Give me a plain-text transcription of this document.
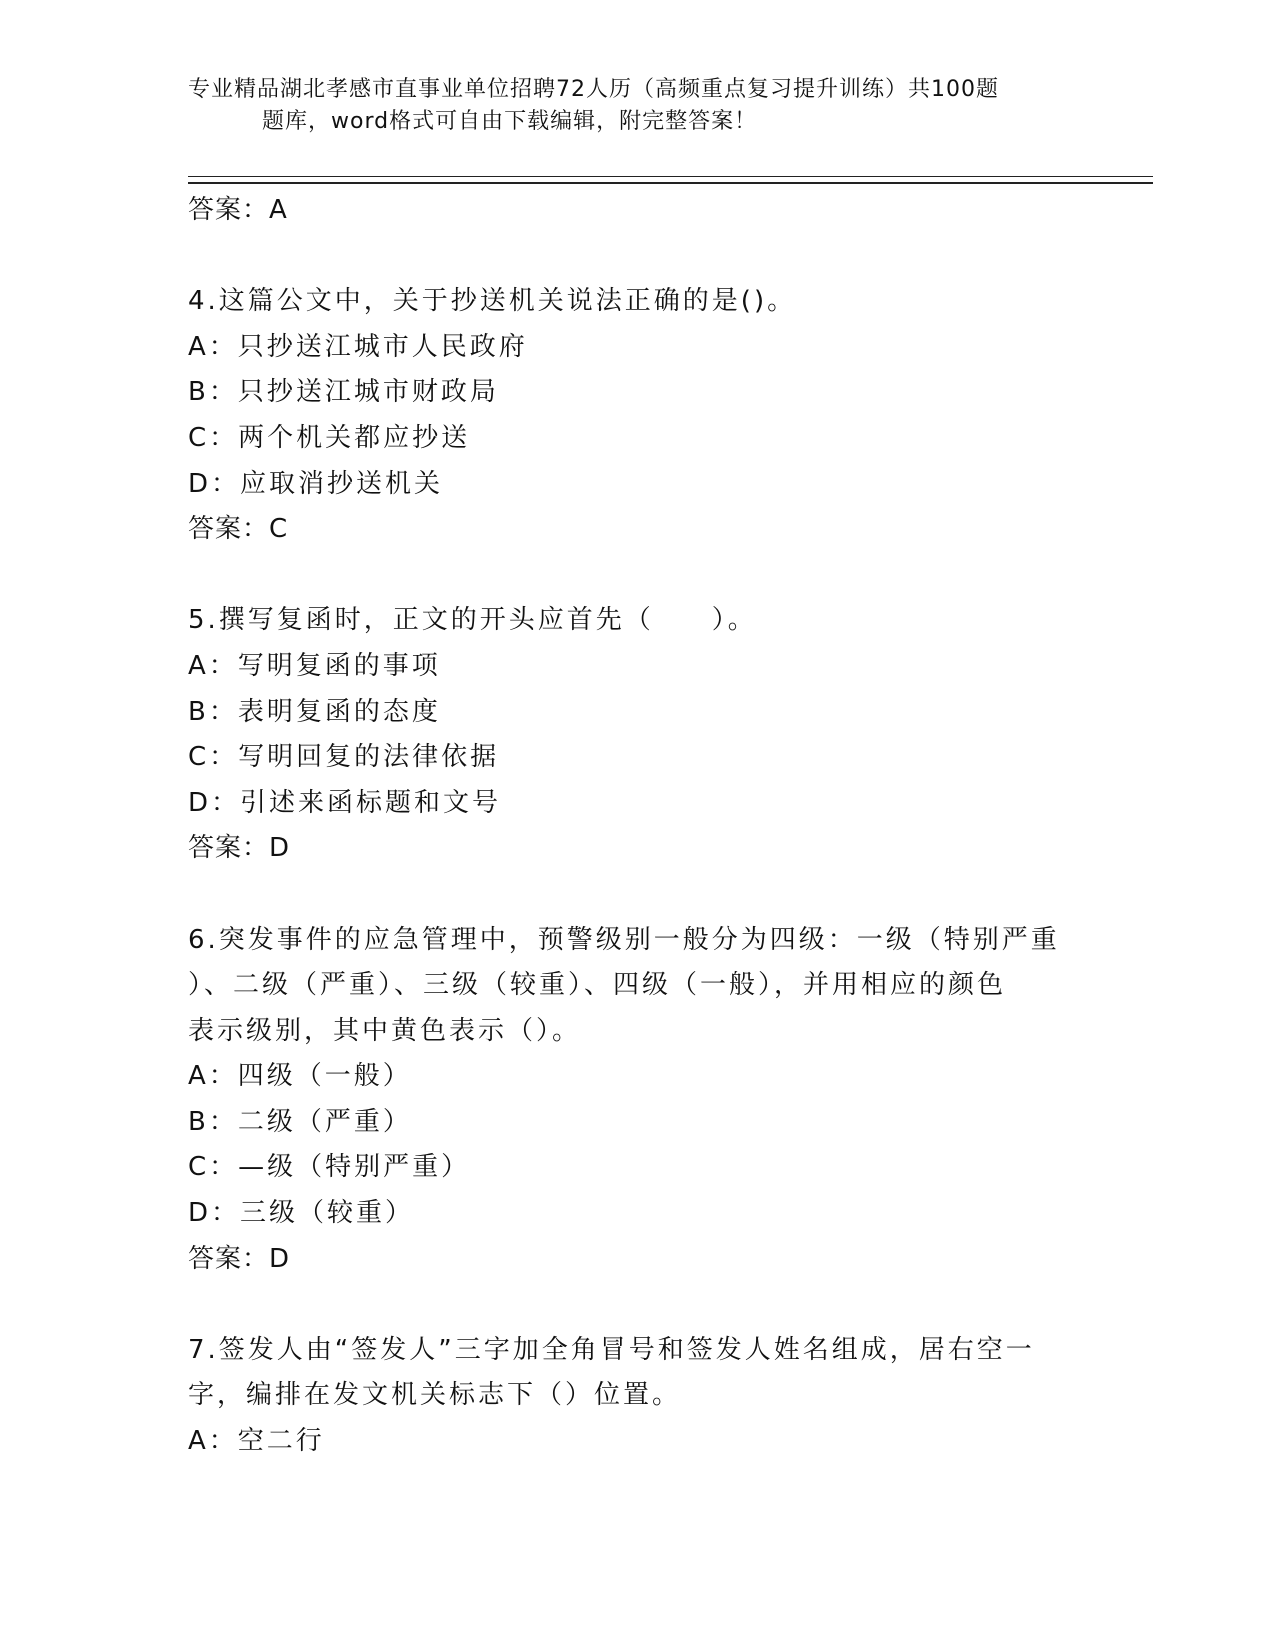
专业精品湖北孝感市直事业单位招聘72人历（高频重点复习提升训练）共100题
题库，word格式可自由下载编辑，附完整答案！
答案：A
4.这篇公文中，关于抄送机关说法正确的是()。
A：只抄送江城市人民政府
B：只抄送江城市财政局
C：两个机关都应抄送
D：应取消抄送机关
答案：C
5.撰写复函时，正文的开头应首先（　　）。
A：写明复函的事项
B：表明复函的态度
C：写明回复的法律依据
D：引述来函标题和文号
答案：D
6.突发事件的应急管理中，预警级别一般分为四级：一级（特别严重
）、二级（严重）、三级（较重）、四级（一般），并用相应的颜色
表示级别，其中黄色表示（）。
A：四级（一般）
B：二级（严重）
C：—级（特别严重）
D：三级（较重）
答案：D
7.签发人由“签发人”三字加全角冒号和签发人姓名组成，居右空一
字，编排在发文机关标志下（）位置。
A：空二行
